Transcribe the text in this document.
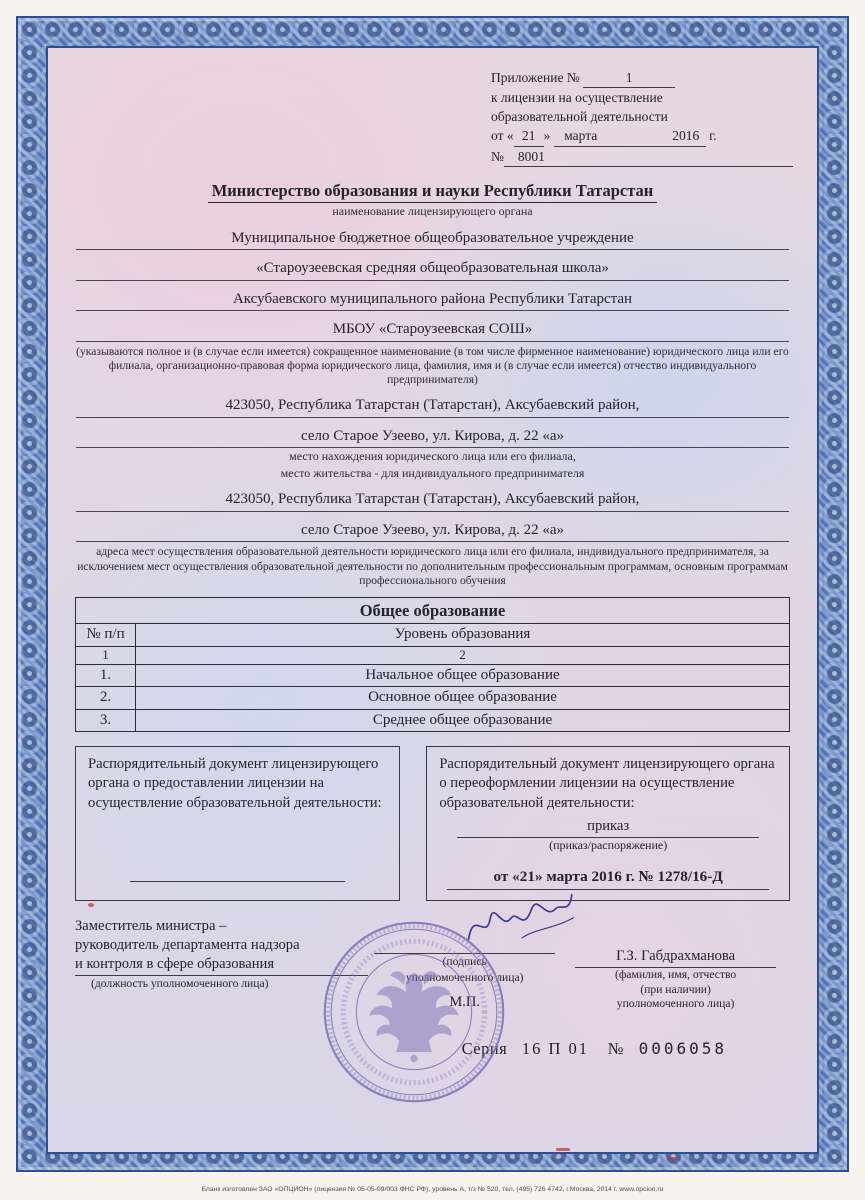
Приложение №	1
к лицензии на осуществление
образовательной деятельности
от « 21 » марта	2016 г.
№	8001
Министерство образования и науки Республики Татарстан
наименование лицензирующего органа
Муниципальное бюджетное общеобразовательное учреждение
«Староузеевская средняя общеобразовательная школа»
Аксубаевского муниципального района Республики Татарстан
МБОУ «Староузеевская СОШ»
(указываются полное и (в случае если имеется) сокращенное наименование (в том числе фирменное наименование) юридического лица или его филиала, организационно-правовая форма юридического лица, фамилия, имя и (в случае если имеется) отчество индивидуального предпринимателя)
423050, Республика Татарстан (Татарстан), Аксубаевский район,
село Старое Узеево, ул. Кирова, д. 22 «а»
место нахождения юридического лица или его филиала,
место жительства - для индивидуального предпринимателя
423050, Республика Татарстан (Татарстан), Аксубаевский район,
село Старое Узеево, ул. Кирова, д. 22 «а»
адреса мест осуществления образовательной деятельности юридического лица или его филиала, индивидуального предпринимателя, за исключением мест осуществления образовательной деятельности по дополнительным профессиональным программам, основным программам профессионального обучения
Общее образование	
№ п/п	Уровень образования
1	2
1.	Начальное общее образование
2.	Основное общее образование
3.	Среднее общее образование
Распорядительный документ лицензирующего органа о предоставлении лицензии на осуществление образовательной деятельности:
Распорядительный документ лицензирующего органа о переоформлении лицензии на осуществление образовательной деятельности:
приказ
(приказ/распоряжение)
от «21» марта 2016 г. № 1278/16-Д
Заместитель министра –
руководитель департамента надзора
и контроля в сфере образования
(должность уполномоченного лица)
(подпись
уполномоченного лица)
М.П.
Г.З. Габдрахманова
(фамилия, имя, отчество
(при наличии)
уполномоченного лица)
Серия 16 П 01 № 0006058
Бланк изготовлен ЗАО «ОПЦИОН» (лицензия № 05-05-09/003 ФНС РФ), уровень А, т/з № 520, тел. (495) 726 4742, г.Москва, 2014 г. www.opcion.ru
